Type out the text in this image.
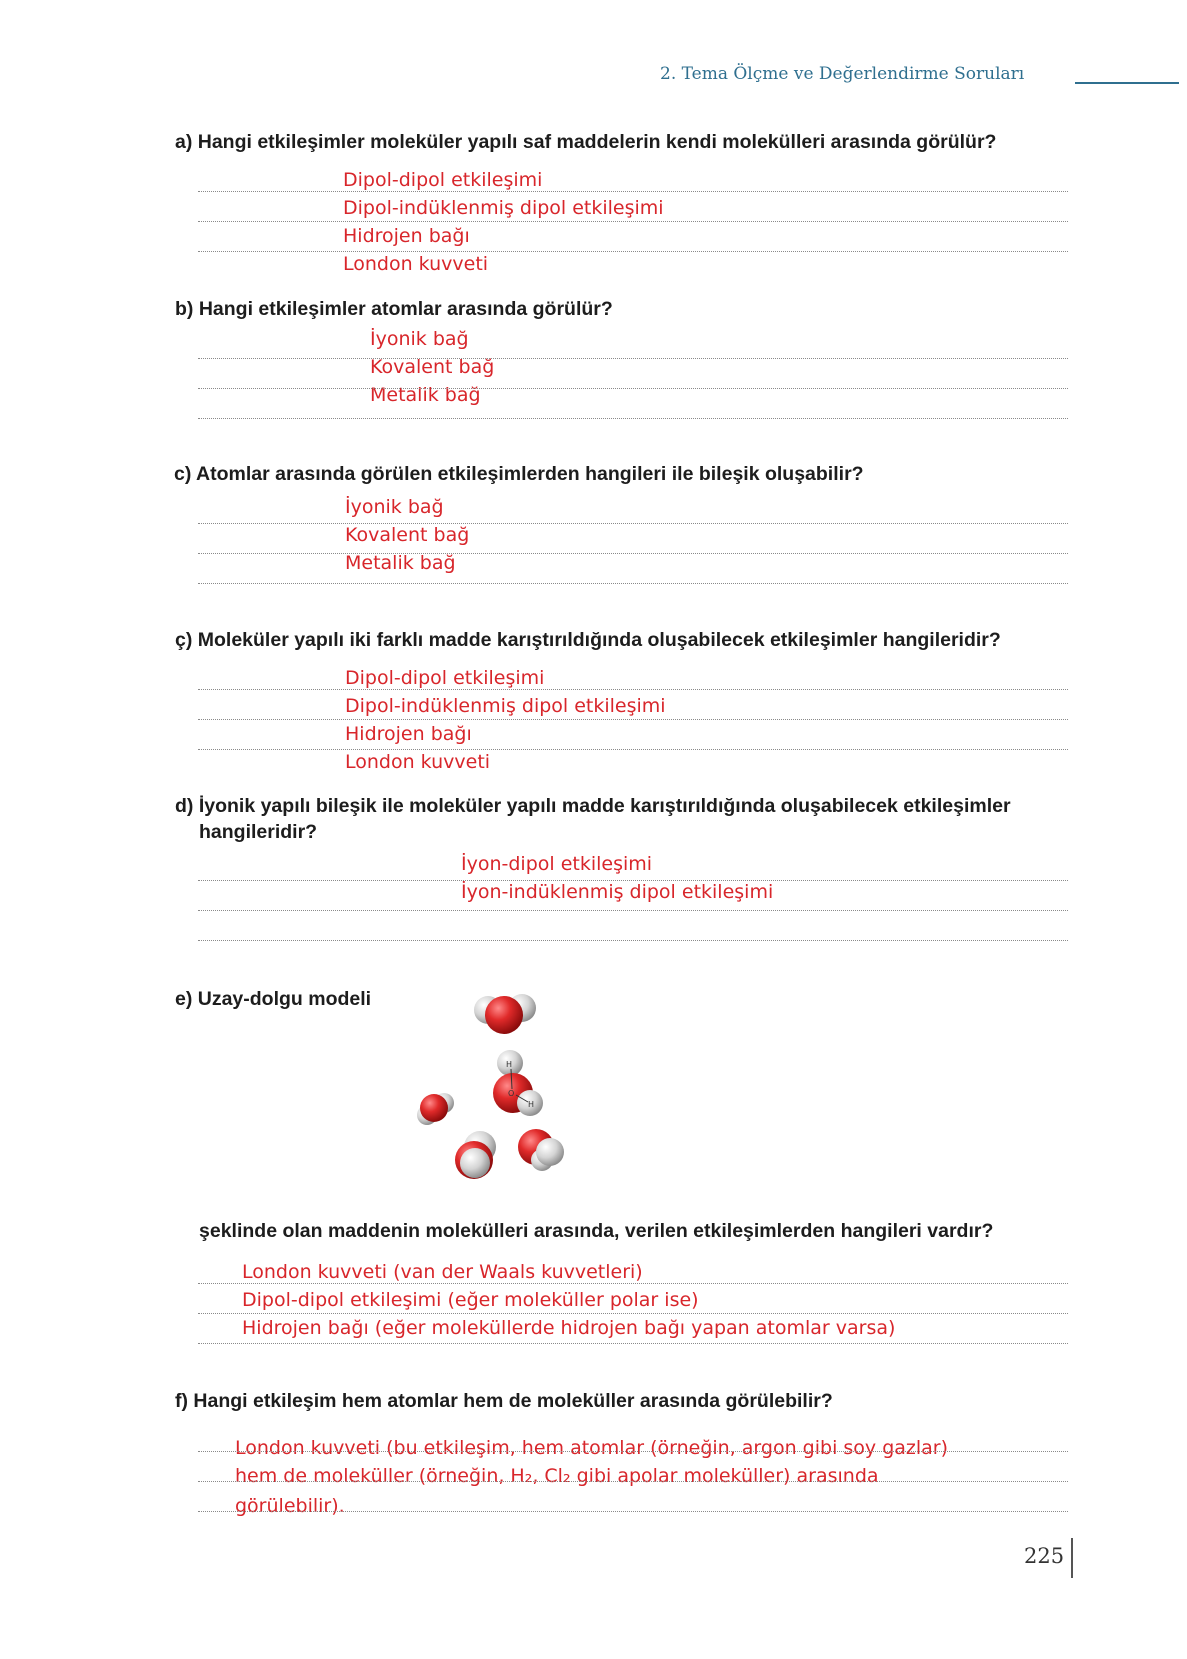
2. Tema Ölçme ve Değerlendirme Soruları
a) Hangi etkileşimler moleküler yapılı saf maddelerin kendi molekülleri arasında görülür?
Dipol-dipol etkileşimi
Dipol-indüklenmiş dipol etkileşimi
Hidrojen bağı
London kuvveti
b) Hangi etkileşimler atomlar arasında görülür?
İyonik bağ
Kovalent bağ
Metalik bağ
c) Atomlar arasında görülen etkileşimlerden hangileri ile bileşik oluşabilir?
İyonik bağ
Kovalent bağ
Metalik bağ
ç) Moleküler yapılı iki farklı madde karıştırıldığında oluşabilecek etkileşimler hangileridir?
Dipol-dipol etkileşimi
Dipol-indüklenmiş dipol etkileşimi
Hidrojen bağı
London kuvveti
d) İyonik yapılı bileşik ile moleküler yapılı madde karıştırıldığında oluşabilecek etkileşimler
hangileridir?
İyon-dipol etkileşimi
İyon-indüklenmiş dipol etkileşimi
e) Uzay-dolgu modeli
H
O
H
şeklinde olan maddenin molekülleri arasında, verilen etkileşimlerden hangileri vardır?
London kuvveti (van der Waals kuvvetleri)
Dipol-dipol etkileşimi (eğer moleküller polar ise)
Hidrojen bağı (eğer moleküllerde hidrojen bağı yapan atomlar varsa)
f) Hangi etkileşim hem atomlar hem de moleküller arasında görülebilir?
London kuvveti (bu etkileşim, hem atomlar (örneğin, argon gibi soy gazlar)
hem de moleküller (örneğin, H₂, Cl₂ gibi apolar moleküller) arasında
görülebilir).
225
